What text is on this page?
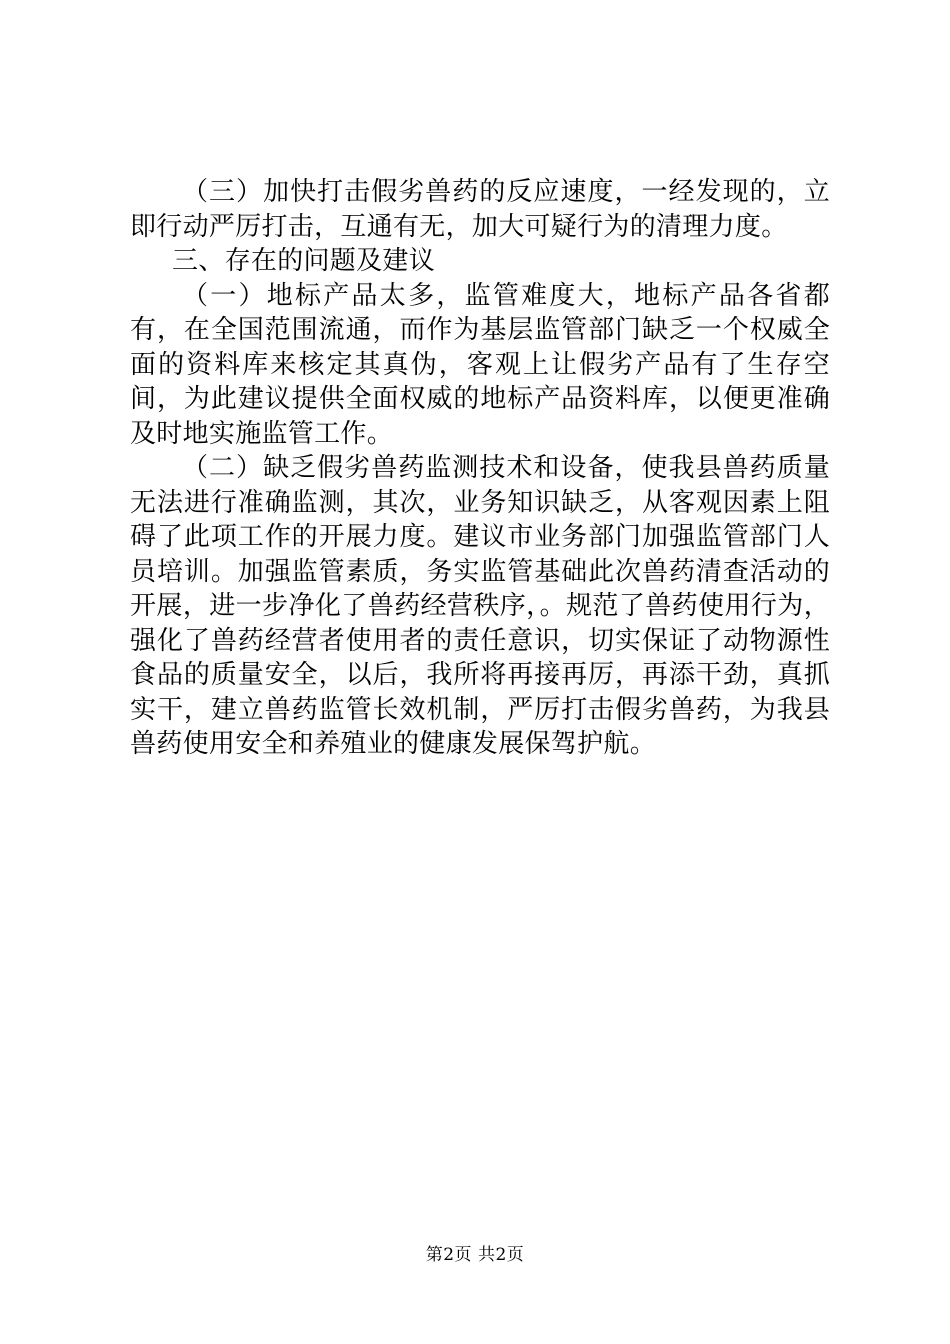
（三）加快打击假劣兽药的反应速度，一经发现的，立即行动严厉打击，互通有无，加大可疑行为的清理力度。

三、存在的问题及建议

（一）地标产品太多，监管难度大，地标产品各省都有，在全国范围流通，而作为基层监管部门缺乏一个权威全面的资料库来核定其真伪，客观上让假劣产品有了生存空间，为此建议提供全面权威的地标产品资料库，以便更准确及时地实施监管工作。

（二）缺乏假劣兽药监测技术和设备，使我县兽药质量无法进行准确监测，其次，业务知识缺乏，从客观因素上阻碍了此项工作的开展力度。建议市业务部门加强监管部门人员培训。加强监管素质，务实监管基础此次兽药清查活动的开展，进一步净化了兽药经营秩序，。规范了兽药使用行为，强化了兽药经营者使用者的责任意识，切实保证了动物源性食品的质量安全，以后，我所将再接再厉，再添干劲，真抓实干，建立兽药监管长效机制，严厉打击假劣兽药，为我县兽药使用安全和养殖业的健康发展保驾护航。

第2页 共2页
